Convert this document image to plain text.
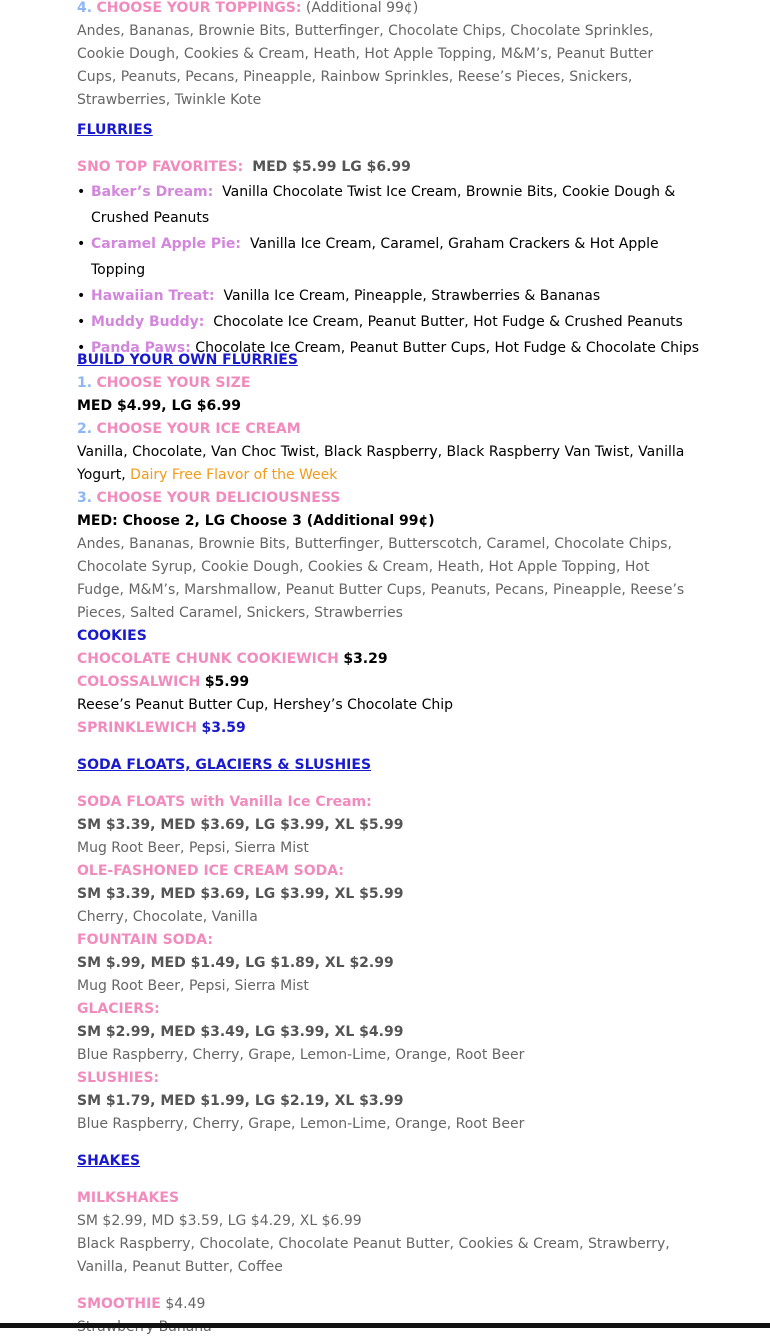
4. CHOOSE YOUR TOPPINGS: (Additional 99¢)
Andes, Bananas, Brownie Bits, Butterfinger, Chocolate Chips, Chocolate Sprinkles, Cookie Dough, Cookies & Cream, Heath, Hot Apple Topping, M&M’s, Peanut Butter Cups, Peanuts, Pecans, Pineapple, Rainbow Sprinkles, Reese’s Pieces, Snickers, Strawberries, Twinkle Kote
FLURRIES
SNO TOP FAVORITES: MED $5.99 LG $6.99
• Baker’s Dream: Vanilla Chocolate Twist Ice Cream, Brownie Bits, Cookie Dough & Crushed Peanuts
• Caramel Apple Pie: Vanilla Ice Cream, Caramel, Graham Crackers & Hot Apple Topping
• Hawaiian Treat: Vanilla Ice Cream, Pineapple, Strawberries & Bananas
• Muddy Buddy: Chocolate Ice Cream, Peanut Butter, Hot Fudge & Crushed Peanuts
• Panda Paws: Chocolate Ice Cream, Peanut Butter Cups, Hot Fudge & Chocolate Chips
BUILD YOUR OWN FLURRIES
1. CHOOSE YOUR SIZE
MED $4.99, LG $6.99
2. CHOOSE YOUR ICE CREAM
Vanilla, Chocolate, Van Choc Twist, Black Raspberry, Black Raspberry Van Twist, Vanilla Yogurt, Dairy Free Flavor of the Week
3. CHOOSE YOUR DELICIOUSNESS
MED: Choose 2, LG Choose 3 (Additional 99¢)
Andes, Bananas, Brownie Bits, Butterfinger, Butterscotch, Caramel, Chocolate Chips, Chocolate Syrup, Cookie Dough, Cookies & Cream, Heath, Hot Apple Topping, Hot Fudge, M&M’s, Marshmallow, Peanut Butter Cups, Peanuts, Pecans, Pineapple, Reese’s Pieces, Salted Caramel, Snickers, Strawberries
COOKIES
CHOCOLATE CHUNK COOKIEWICH $3.29
COLOSSALWICH $5.99
Reese’s Peanut Butter Cup, Hershey’s Chocolate Chip
SPRINKLEWICH $3.59
SODA FLOATS, GLACIERS & SLUSHIES
SODA FLOATS with Vanilla Ice Cream:
SM $3.39, MED $3.69, LG $3.99, XL $5.99
Mug Root Beer, Pepsi, Sierra Mist
OLE-FASHONED ICE CREAM SODA:
SM $3.39, MED $3.69, LG $3.99, XL $5.99
Cherry, Chocolate, Vanilla
FOUNTAIN SODA:
SM $.99, MED $1.49, LG $1.89, XL $2.99
Mug Root Beer, Pepsi, Sierra Mist
GLACIERS:
SM $2.99, MED $3.49, LG $3.99, XL $4.99
Blue Raspberry, Cherry, Grape, Lemon-Lime, Orange, Root Beer
SLUSHIES:
SM $1.79, MED $1.99, LG $2.19, XL $3.99
Blue Raspberry, Cherry, Grape, Lemon-Lime, Orange, Root Beer
SHAKES
MILKSHAKES
SM $2.99, MD $3.59, LG $4.29, XL $6.99
Black Raspberry, Chocolate, Chocolate Peanut Butter, Cookies & Cream, Strawberry, Vanilla, Peanut Butter, Coffee
SMOOTHIE $4.49
